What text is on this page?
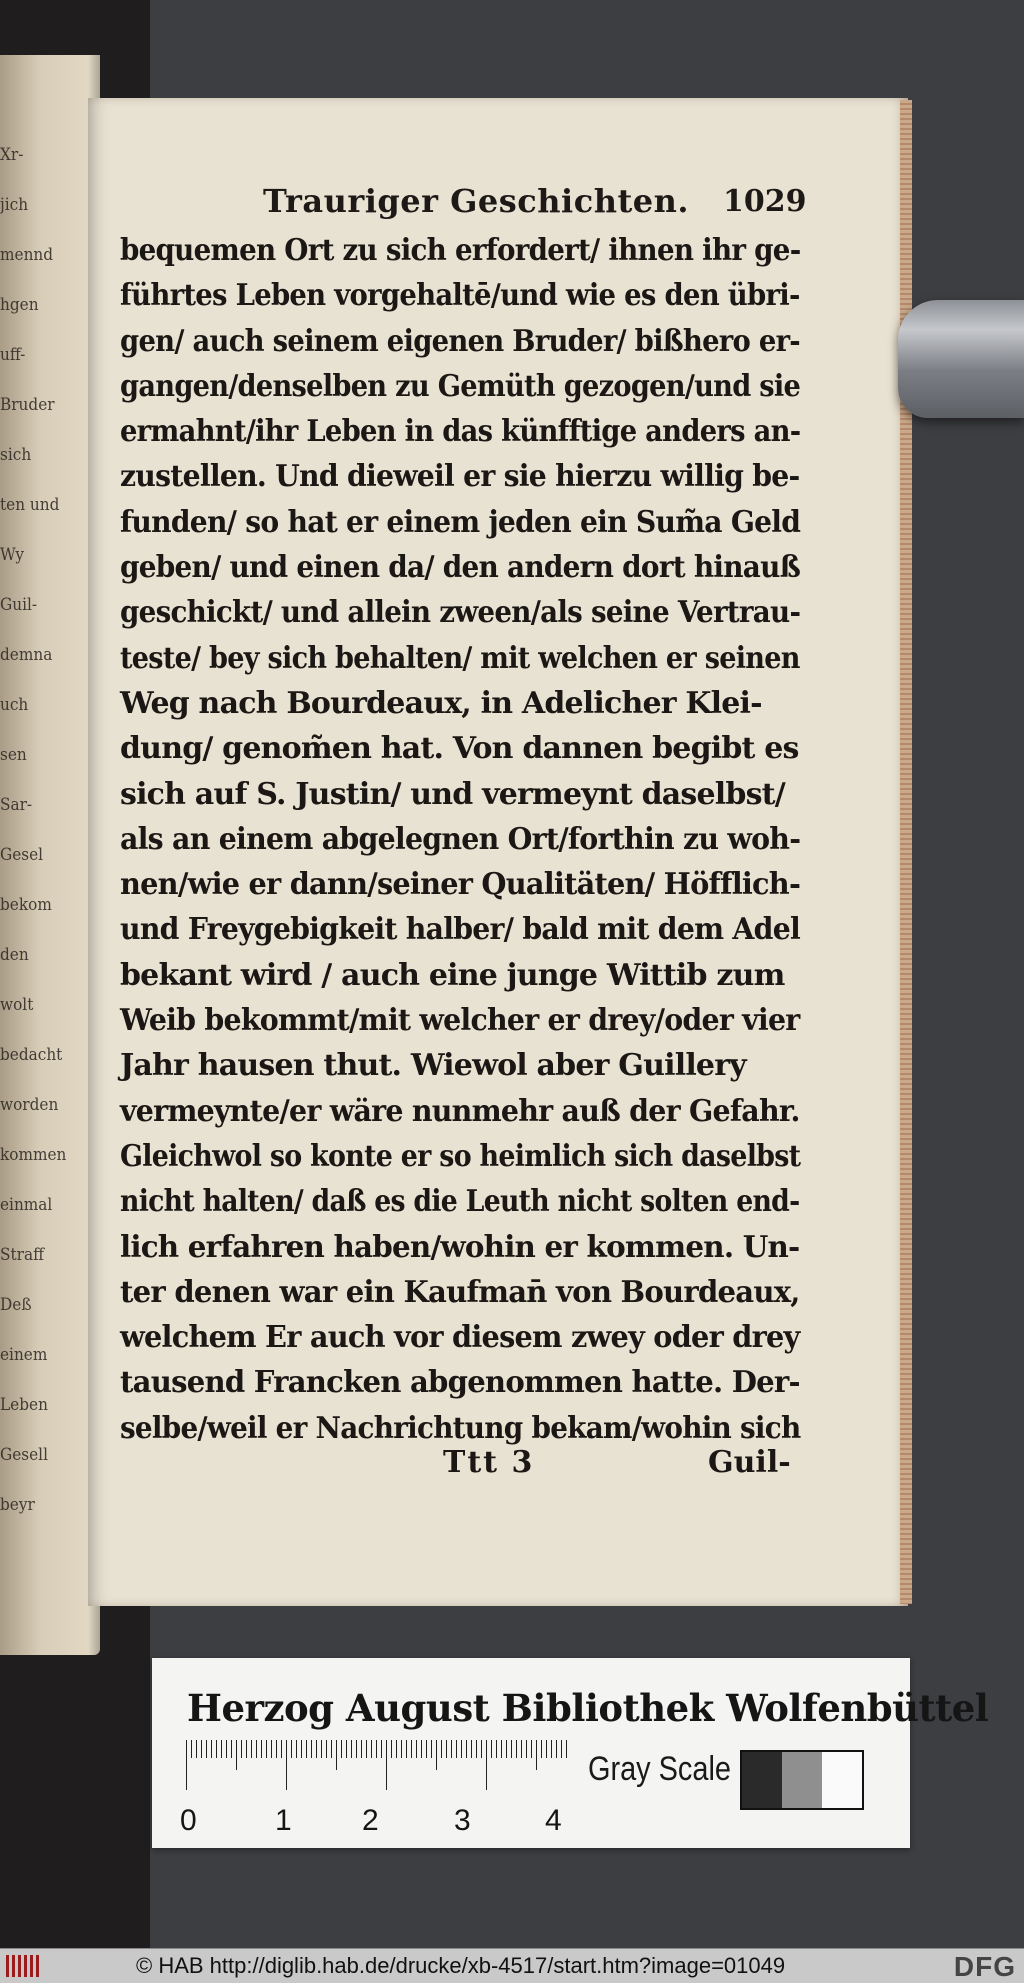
Xr-
jich
mennd
hgen
uff-
Bruder
sich
ten und
Wy
Guil-
demna
uch
sen
Sar-
Gesel
bekom
den
wolt
bedacht
worden
kommen
einmal
Straff
Deß
einem
Leben
Gesell
beyr
Trauriger Geschichten. 1029
bequemen Ort zu sich erfordert/ ihnen ihr ge-
führtes Leben vorgehaltē/und wie es den übri-
gen/ auch seinem eigenen Bruder/ bißhero er-
gangen/denselben zu Gemüth gezogen/und sie
ermahnt/ihr Leben in das künfftige anders an-
zustellen. Und dieweil er sie hierzu willig be-
funden/ so hat er einem jeden ein Sum̃a Geld
geben/ und einen da/ den andern dort hinauß
geschickt/ und allein zween/als seine Vertrau-
teste/ bey sich behalten/ mit welchen er seinen
Weg nach Bourdeaux, in Adelicher Klei-
dung/ genom̃en hat. Von dannen begibt es
sich auf S. Justin/ und vermeynt daselbst/
als an einem abgelegnen Ort/forthin zu woh-
nen/wie er dann/seiner Qualitäten/ Höfflich-
und Freygebigkeit halber/ bald mit dem Adel
bekant wird / auch eine junge Wittib zum
Weib bekommt/mit welcher er drey/oder vier
Jahr hausen thut. Wiewol aber Guillery
vermeynte/er wäre nunmehr auß der Gefahr.
Gleichwol so konte er so heimlich sich daselbst
nicht halten/ daß es die Leuth nicht solten end-
lich erfahren haben/wohin er kommen. Un-
ter denen war ein Kaufman̄ von Bourdeaux,
welchem Er auch vor diesem zwey oder drey
tausend Francken abgenommen hatte. Der-
selbe/weil er Nachrichtung bekam/wohin sich
Ttt 3	Guil-
Herzog August Bibliothek Wolfenbüttel
0	1 2	3 4
Gray Scale
© HAB http://diglib.hab.de/drucke/xb-4517/start.htm?image=01049	DFG
